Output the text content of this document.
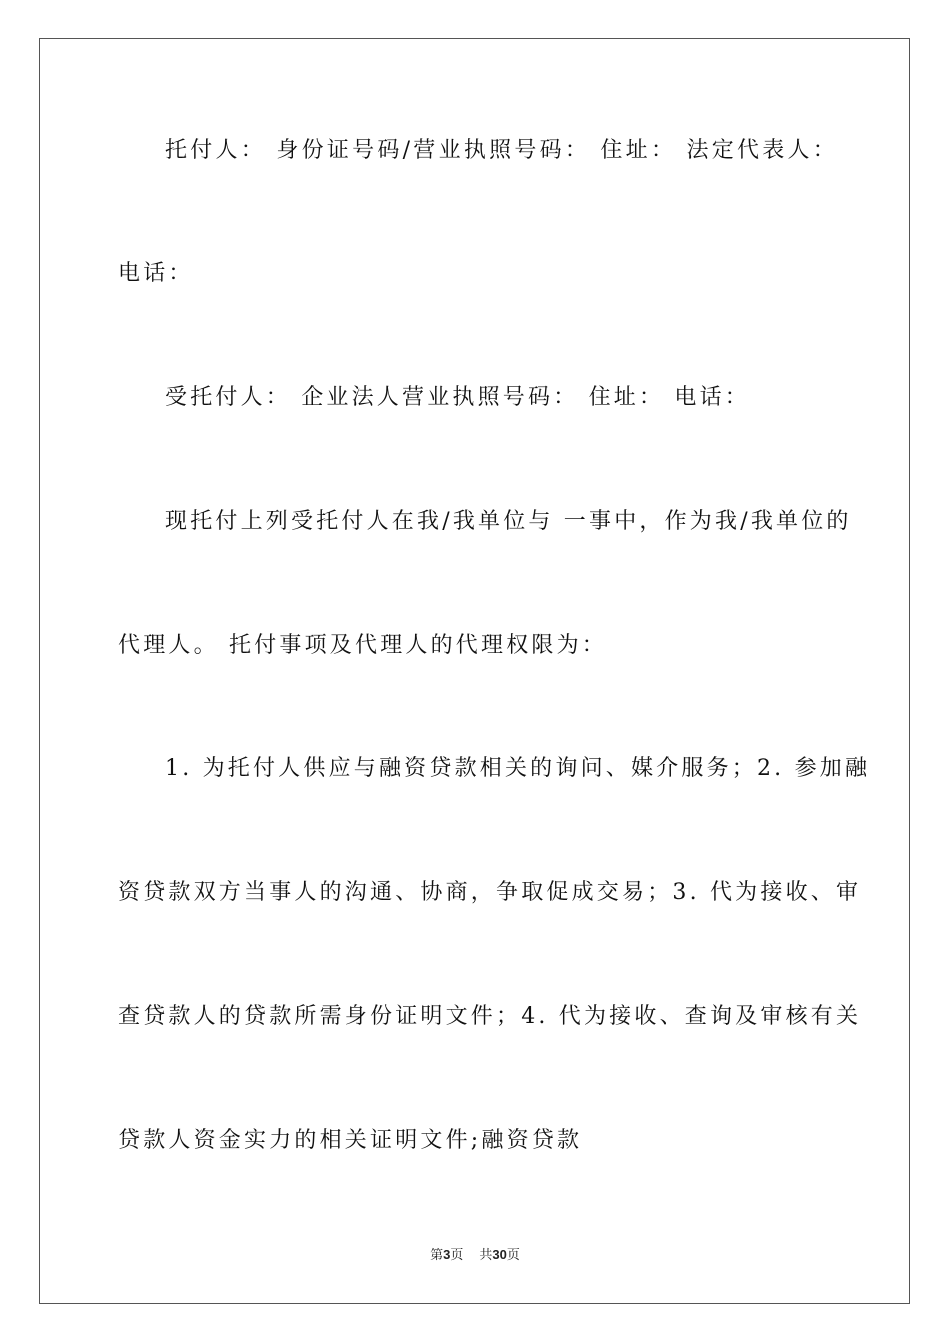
托付人： 身份证号码/营业执照号码： 住址： 法定代表人：
电话：
受托付人： 企业法人营业执照号码： 住址： 电话：
现托付上列受托付人在我/我单位与 一事中，作为我/我单位的
代理人。 托付事项及代理人的代理权限为：
1. 为托付人供应与融资贷款相关的询问、媒介服务；2. 参加融
资贷款双方当事人的沟通、协商，争取促成交易；3. 代为接收、审
查贷款人的贷款所需身份证明文件；4. 代为接收、查询及审核有关
贷款人资金实力的相关证明文件;融资贷款
第3页 共30页
